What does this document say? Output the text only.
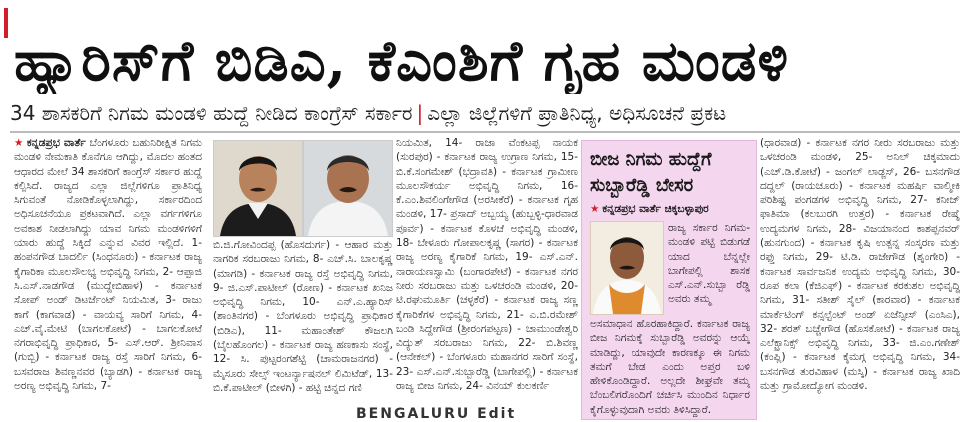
ಹ್ಯಾರಿಸ್‌ಗೆ ಬಿಡಿಎ, ಕೆಎಂಶಿಗೆ ಗೃಹ ಮಂಡಳಿ
34 ಶಾಸಕರಿಗೆ ನಿಗಮ ಮಂಡಳಿ ಹುದ್ದೆ ನೀಡಿದ ಕಾಂಗ್ರೆಸ್ ಸರ್ಕಾರ | ಎಲ್ಲಾ ಜಿಲ್ಲೆಗಳಿಗೆ ಪ್ರಾತಿನಿಧ್ಯ, ಅಧಿಸೂಚನೆ ಪ್ರಕಟ
★ ಕನ್ನಡಪ್ರಭ ವಾರ್ತೆ ಬೆಂಗಳೂರು ಬಹುನಿರೀಕ್ಷಿತ ನಿಗಮ ಮಂಡಳಿ ನೇಮಕಾತಿ ಕೊನೆಗೂ ಆಗಿದ್ದು, ಮೊದಲ ಹಂತದ ಆಧಾರದ ಮೇಲೆ 34 ಶಾಸಕರಿಗೆ ಕಾಂಗ್ರೆಸ್ ಸರ್ಕಾರ ಹುದ್ದೆ ಕಲ್ಪಿಸಿದೆ. ರಾಜ್ಯದ ಎಲ್ಲಾ ಜಿಲ್ಲೆಗಳಿಗೂ ಪ್ರಾತಿನಿಧ್ಯ ಸಿಗುವಂತೆ ನೋಡಿಕೊಳ್ಳಲಾಗಿದ್ದು, ಸರ್ಕಾರದಿಂದ ಅಧಿಸೂಚನೆಯೂ ಪ್ರಕಟವಾಗಿದೆ. ಎಲ್ಲಾ ವರ್ಗಗಳಿಗೂ ಅವಕಾಶ ನೀಡಲಾಗಿದ್ದು ಯಾವ ನಿಗಮ ಮಂಡಳಿಗಳಿಗೆ ಯಾರು ಹುದ್ದೆ ಸಿಕ್ಕಿದೆ ಎನ್ನುವ ವಿವರ ಇಲ್ಲಿದೆ. 1-ಹಂಪನಗೌಡ ಬಾದರ್ಲಿ (ಸಿಂಧನೂರು) - ಕರ್ನಾಟಕ ರಾಜ್ಯ ಕೈಗಾರಿಕಾ ಮೂಲಸೌಲಭ್ಯ ಅಭಿವೃದ್ಧಿ ನಿಗಮ, 2- ಆಪ್ಪಾಜಿ ಸಿ.ಎಸ್.ನಾಡಗೌಡ (ಮುದ್ದೇಬಿಹಾಳ) - ಕರ್ನಾಟಕ ಸೋಪ್ ಅಂಡ್ ಡಿಟರ್ಜೆಂಟ್ ನಿಯಮಿತ, 3- ರಾಜು ಕಾಗೆ (ಕಾಗವಾಡ) - ವಾಯವ್ಯ ಸಾರಿಗೆ ನಿಗಮ, 4- ಎಚ್.ವೈ.ಮೇಟಿ (ಬಾಗಲಕೋಟೆ) - ಬಾಗಲಕೋಟೆ ನಗರಾಭಿವೃದ್ಧಿ ಪ್ರಾಧಿಕಾರ, 5- ಎಸ್.ಆರ್. ಶ್ರೀನಿವಾಸ (ಗುಬ್ಬಿ) - ಕರ್ನಾಟಕ ರಾಜ್ಯ ರಸ್ತೆ ಸಾರಿಗೆ ನಿಗಮ, 6- ಬಸವರಾಜ ಶಿವಣ್ಣನವರ (ಬ್ಯಾಡಗಿ) - ಕರ್ನಾಟಕ ರಾಜ್ಯ ಅರಣ್ಯ ಅಭಿವೃದ್ಧಿ ನಿಗಮ, 7-
ಬಿ.ಜಿ.ಗೋವಿಂದಪ್ಪ (ಹೊಸದುರ್ಗ) - ಆಹಾರ ಮತ್ತು ನಾಗರಿಕ ಸರಬರಾಜು ನಿಗಮ, 8- ಎಚ್.ಸಿ. ಬಾಲಕೃಷ್ಣ (ಮಾಗಡಿ) - ಕರ್ನಾಟಕ ರಾಜ್ಯ ರಸ್ತೆ ಅಭಿವೃದ್ಧಿ ನಿಗಮ, 9- ಜಿ.ಎಸ್.ಪಾಟೀಲ್ (ರೋಣ) - ಕರ್ನಾಟಕ ಖನಿಜ ಅಭಿವೃದ್ಧಿ ನಿಗಮ, 10- ಎನ್.ಎ.ಹ್ಯಾರಿಸ್ (ಶಾಂತಿನಗರ) - ಬೆಂಗಳೂರು ಅಭಿವೃದ್ಧಿ ಪ್ರಾಧಿಕಾರ (ಬಿಡಿಎ), 11- ಮಹಾಂತೇಶ್ ಕೌಜಲಗಿ (ಬೈಲಹೊಂಗಲ) - ಕರ್ನಾಟಕ ರಾಜ್ಯ ಹಣಕಾಸು ಸಂಸ್ಥೆ, 12- ಸಿ. ಪುಟ್ಟರಂಗಶೆಟ್ಟಿ (ಚಾಮರಾಜನಗರ) - ಮೈಸೂರು ಸೇಲ್ಸ್ ಇಂಟರ್ನ್ಯಾಷನಲ್ ಲಿಮಿಟೆಡ್, 13- ಬಿ.ಕೆ.ಪಾಟೀಲ್ (ಬೀಳಗಿ) - ಹಟ್ಟಿ ಚಿನ್ನದ ಗಣಿ
ನಿಯಮಿತ, 14- ರಾಜಾ ವೆಂಕಟಪ್ಪ ನಾಯಕ (ಸುರಪುರ) - ಕರ್ನಾಟಕ ರಾಜ್ಯ ಉಗ್ರಾಣ ನಿಗಮ, 15- ಬಿ.ಕೆ.ಸಂಗಮೇಶ್ (ಭದ್ರಾವತಿ) - ಕರ್ನಾಟಕ ಗ್ರಾಮೀಣ ಮೂಲಸೌಕರ್ಯ ಅಭಿವೃದ್ಧಿ ನಿಗಮ, 16- ಕೆ.ಎಂ.ಶಿವಲಿಂಗೇಗೌಡ (ಅರಸೀಕೆರೆ) - ಕರ್ನಾಟಕ ಗೃಹ ಮಂಡಳಿ, 17- ಪ್ರಸಾದ್ ಅಬ್ಬಯ್ಯ (ಹುಬ್ಬಳ್ಳಿ-ಧಾರವಾಡ ಪೂರ್ವ) - ಕರ್ನಾಟಕ ಕೊಳಚೆ ಅಭಿವೃದ್ಧಿ ಮಂಡಳಿ, 18- ಬೇಳೂರು ಗೋಪಾಲಕೃಷ್ಣ (ಸಾಗರ) - ಕರ್ನಾಟಕ ರಾಜ್ಯ ಅರಣ್ಯ ಕೈಗಾರಿಕೆ ನಿಗಮ, 19- ಎಸ್.ಎನ್. ನಾರಾಯಣಸ್ವಾಮಿ (ಬಂಗಾರಪೇಟೆ) - ಕರ್ನಾಟಕ ನಗರ ನೀರು ಸರಬರಾಜು ಮತ್ತು ಒಳಚರಂಡಿ ಮಂಡಳಿ, 20- ಟಿ.ರಘುಮೂರ್ತಿ (ಚಳ್ಳಕೆರೆ) - ಕರ್ನಾಟಕ ರಾಜ್ಯ ಸಣ್ಣ ಕೈಗಾರಿಕೆಗಳ ಅಭಿವೃದ್ಧಿ ನಿಗಮ, 21- ಎ.ಬಿ.ರಮೇಶ್ ಬಂಡಿ ಸಿದ್ದೇಗೌಡ (ಶ್ರೀರಂಗಪಟ್ಟಣ) - ಚಾಮುಂಡೇಶ್ವರಿ ವಿದ್ಯುತ್ ಸರಬರಾಜು ನಿಗಮ, 22- ಬಿ.ಶಿವಣ್ಣ (ಆನೇಕಲ್) - ಬೆಂಗಳೂರು ಮಹಾನಗರ ಸಾರಿಗೆ ಸಂಸ್ಥೆ, 23- ಎಸ್.ಎನ್.ಸುಬ್ಬಾರೆಡ್ಡಿ (ಬಾಗೇಪಲ್ಲಿ) - ಕರ್ನಾಟಕ ರಾಜ್ಯ ಬೀಜ ನಿಗಮ, 24- ವಿನಯ್ ಕುಲಕರ್ಣಿ
ಬೀಜ ನಿಗಮ ಹುದ್ದೆಗೆ ಸುಬ್ಬಾರೆಡ್ಡಿ ಬೇಸರ
★ ಕನ್ನಡಪ್ರಭ ವಾರ್ತೆ ಚಿಕ್ಕಬಳ್ಳಾಪುರ
ರಾಜ್ಯ ಸರ್ಕಾರ ನಿಗಮ-ಮಂಡಳಿ ಪಟ್ಟಿ ಬಿಡುಗಡೆ ಯಾದ ಬೆನ್ನಲ್ಲೇ ಬಾಗೇಪಲ್ಲಿ ಶಾಸಕ ಎಸ್.ಎನ್.ಸುಬ್ಬಾ ರೆಡ್ಡಿ ಅವರು ತಮ್ಮ
ಅಸಮಾಧಾನ ಹೊರಹಾಕಿದ್ದಾರೆ. ಕರ್ನಾಟಕ ರಾಜ್ಯ ಬೀಜ ನಿಗಮಕ್ಕೆ ಸುಬ್ಬಾರೆಡ್ಡಿ ಅವರನ್ನು ಆಯ್ಕೆ ಮಾಡಿದ್ದು, ಯಾವುದೇ ಕಾರಣಕ್ಕೂ ಈ ನಿಗಮ ತಮಗೆ ಬೇಡ ಎಂದು ಅಪ್ತರ ಬಳಿ ಹೇಳಿಕೊಂಡಿದ್ದಾರೆ. ಅಲ್ಲದೇ ಶೀಘ್ರವೇ ತಮ್ಮ ಬೆಂಬಲಿಗರೊಂದಿಗೆ ಚರ್ಚಿಸಿ ಮುಂದಿನ ನಿರ್ಧಾರ ಕೈಗೊಳ್ಳುವುದಾಗಿ ಅವರು ತಿಳಿಸಿದ್ದಾರೆ.
(ಧಾರವಾಡ) - ಕರ್ನಾಟಕ ನಗರ ನೀರು ಸರಬರಾಜು ಮತ್ತು ಒಳಚರಂಡಿ ಮಂಡಳಿ, 25- ಅನಿಲ್ ಚಿಕ್ಕಮಾದು (ಎಚ್.ಡಿ.ಕೋಟೆ) - ಜಂಗಲ್ ಲಾಡ್ಜಸ್, 26- ಬಸನಗೌಡ ದದ್ದಲ್ (ರಾಯಚೂರು) - ಕರ್ನಾಟಕ ಮಹರ್ಷಿ ವಾಲ್ಮೀಕಿ ಪರಿಶಿಷ್ಟ ಪಂಗಡಗಳ ಅಭಿವೃದ್ಧಿ ನಿಗಮ, 27- ಕನೀಜ್ ಫಾತಿಮಾ (ಕಲಬುರಗಿ ಉತ್ತರ) - ಕರ್ನಾಟಕ ರೇಷ್ಮೆ ಉದ್ಯಮಗಳ ನಿಗಮ, 28- ವಿಜಯಾನಂದ ಕಾಶಪ್ಪನವರ್ (ಹುನಗುಂದ) - ಕರ್ನಾಟಕ ಕೃಷಿ ಉತ್ಪನ್ನ ಸಂಸ್ಕರಣ ಮತ್ತು ರಫ್ತು ನಿಗಮ, 29- ಟಿ.ಡಿ. ರಾಜೇಗೌಡ (ಶೃಂಗೇರಿ) - ಕರ್ನಾಟಕ ಸಾರ್ವಜನಿಕ ಉದ್ಯಮ ಅಭಿವೃದ್ಧಿ ನಿಗಮ, 30- ರೂಪ ಕಲಾ (ಕೆಜಿಎಫ್) - ಕರ್ನಾಟಕ ಕರಕುಶಲ ಅಭಿವೃದ್ಧಿ ನಿಗಮ, 31- ಸತೀಶ್ ಸೈಲ್ (ಕಾರವಾರ) - ಕರ್ನಾಟಕ ಮಾರ್ಕೆಟಿಂಗ್ ಕನ್ಸಲ್ಟೆಂಟ್ ಅಂಡ್ ಏಜೆನ್ಸೀಸ್ (ಎಂಸಿಎ), 32- ಶರತ್ ಬಚ್ಚೇಗೌಡ (ಹೊಸಕೋಟೆ) - ಕರ್ನಾಟಕ ರಾಜ್ಯ ಎಲೆಕ್ಟ್ರಾನಿಕ್ಸ್ ಅಭಿವೃದ್ಧಿ ನಿಗಮ, 33- ಜಿ.ಎಂ.ಗಣೇಶ್ (ಕಂಪ್ಲಿ) - ಕರ್ನಾಟಕ ಕೈಮಗ್ಗ ಅಭಿವೃದ್ಧಿ ನಿಗಮ, 34- ಬಸನಗೌಡ ತುರವಿಹಾಳ (ಮಸ್ಕಿ) - ಕರ್ನಾಟಕ ರಾಜ್ಯ ಖಾದಿ ಮತ್ತು ಗ್ರಾಮೋದ್ಯೋಗ ಮಂಡಳಿ.
BENGALURU Edit
